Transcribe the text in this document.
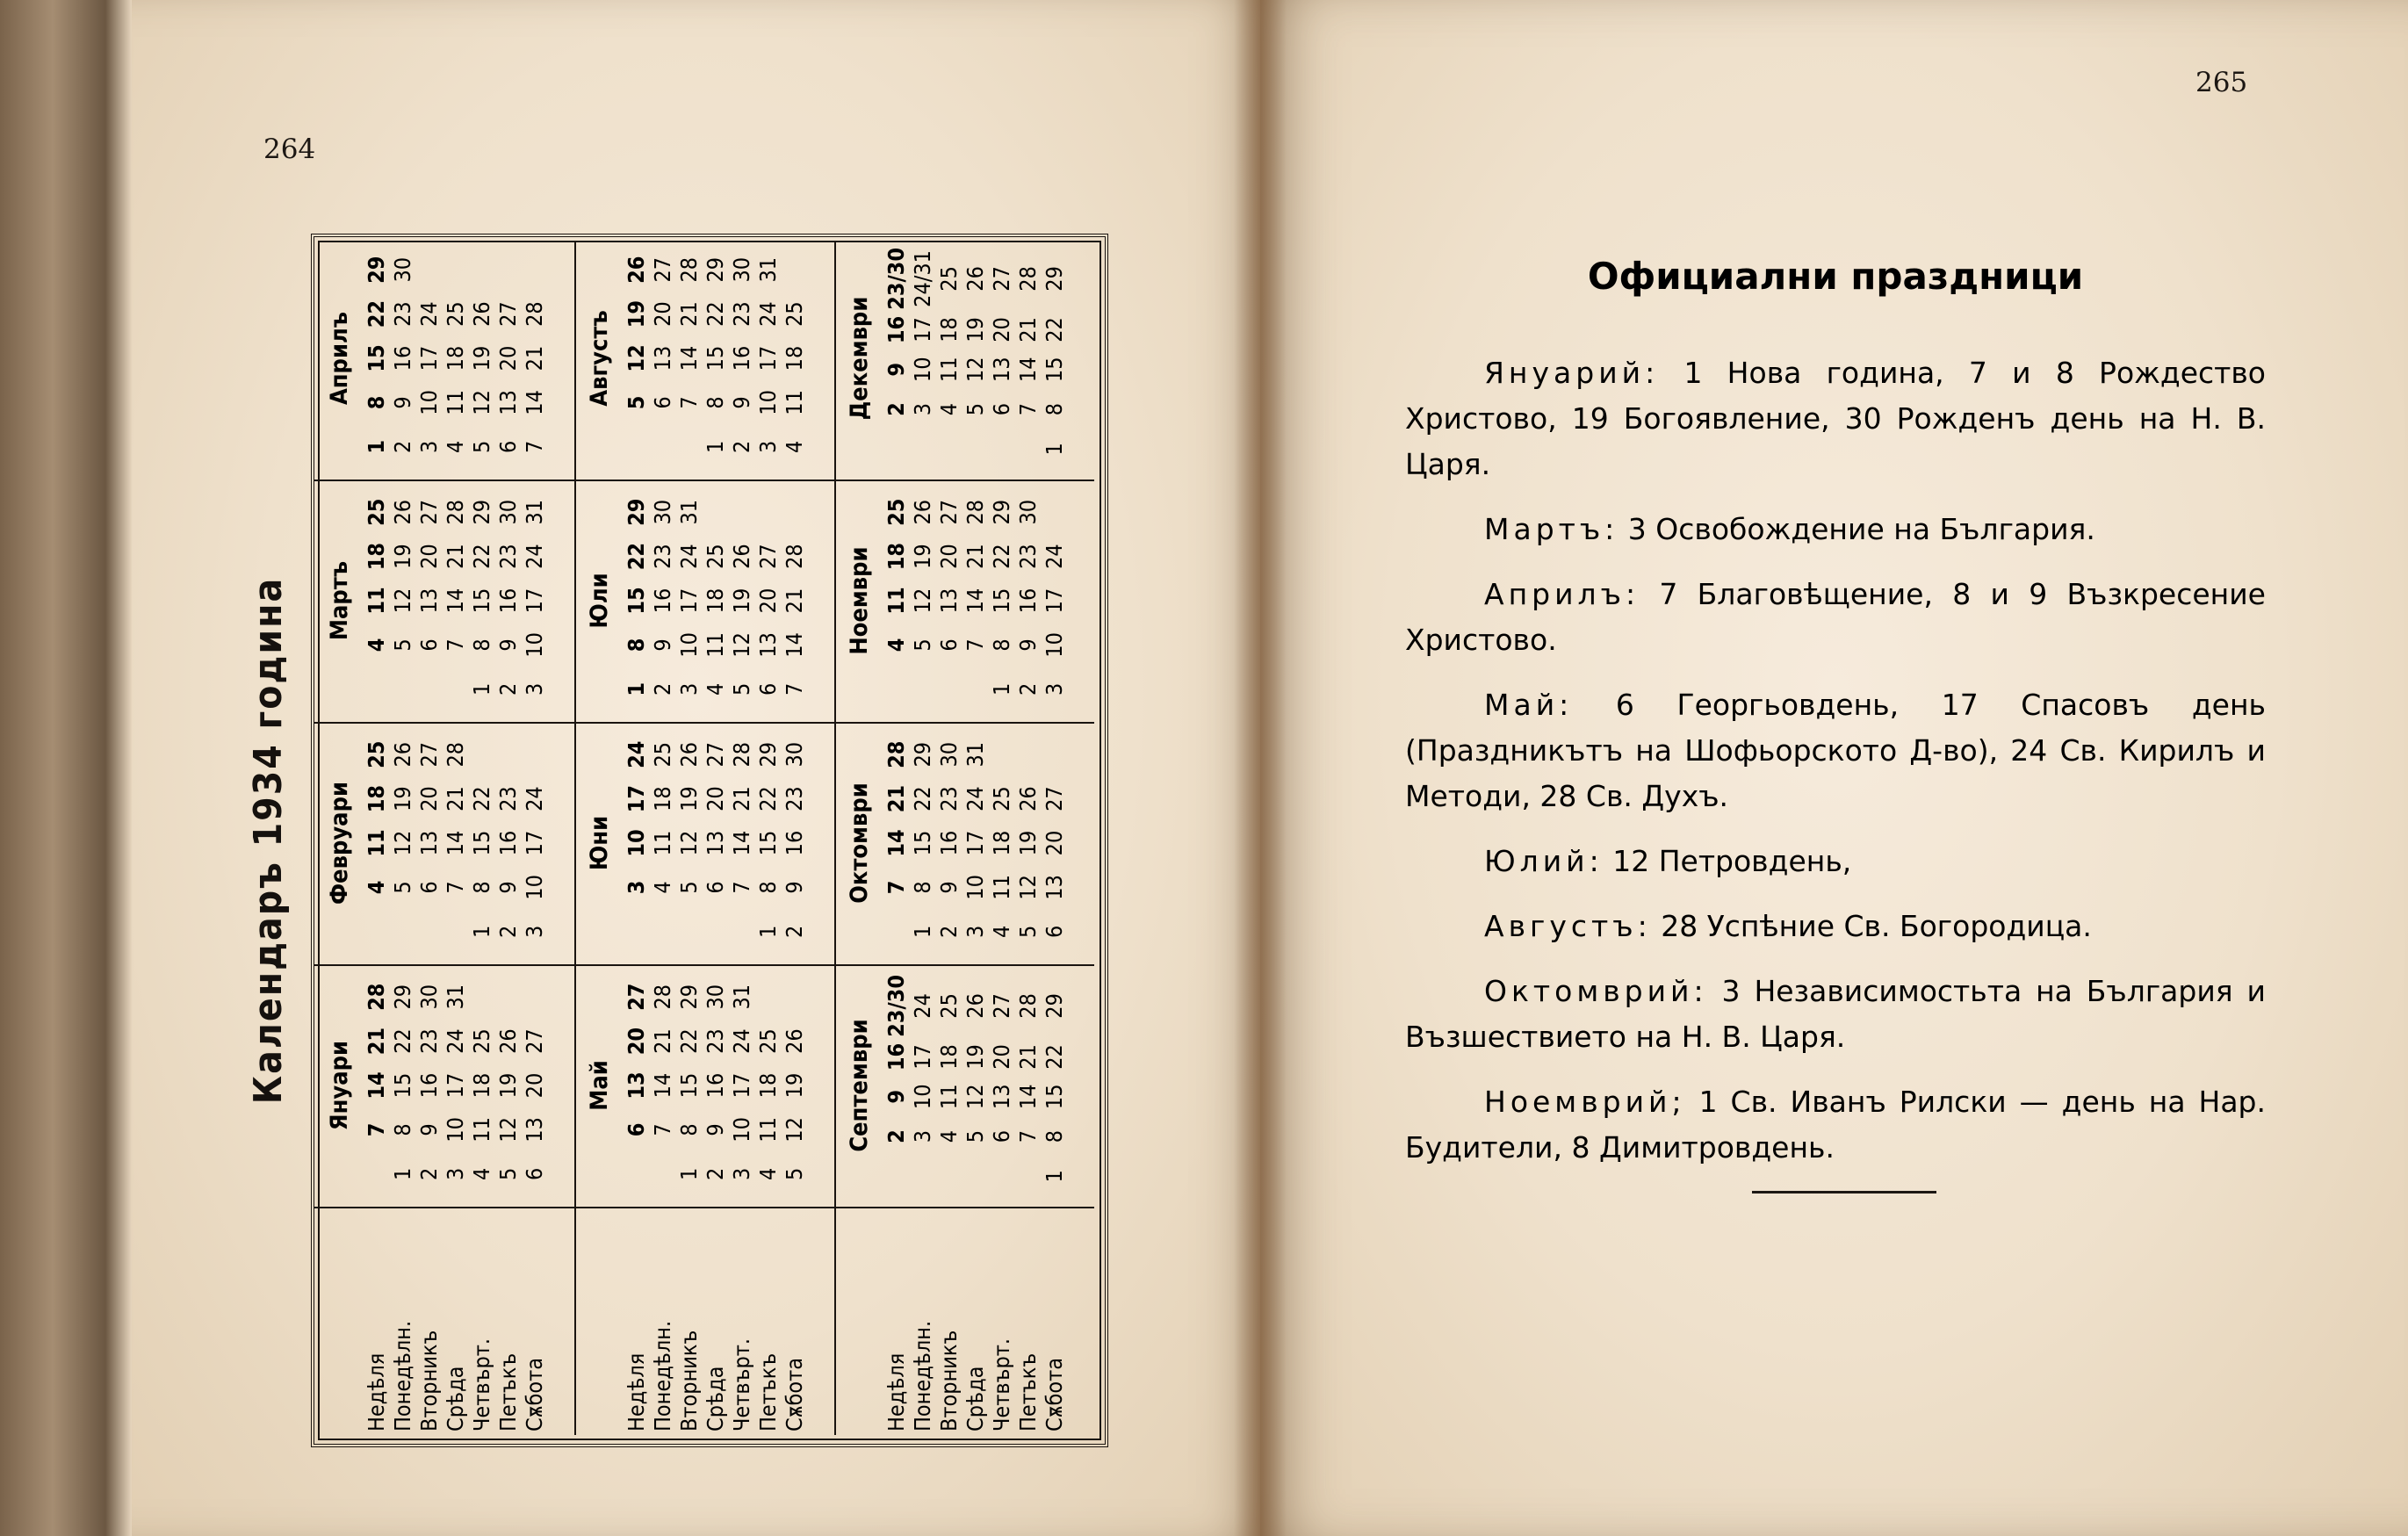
264
265
Календаръ 1934 година
Недѣля Понедѣлн. Вторникъ Срѣда Четвърт. Петъкъ Сѫбота
Януари 7
14
21
28
1
8
15
22
29
2
9
16
23
30
3
10
17
24
31
4
11
18
25
5
12
19
26
6
13
20
27
Февруари 4
11
18
25
5
12
19
26
6
13
20
27
7
14
21
28
1
8
15
22
2
9
16
23
3
10
17
24
Мартъ
4
11
18
25
5
12
19
26
6
13
20
27
7
14
21
28
1
8
15
22
29
2
9
16
23
30
3
10
17
24
31
Априлъ
1
8
15
22
29
2
9
16
23
30
3
10
17
24
4
11
18
25
5
12
19
26
6
13
20
27
7
14
21
28
Недѣля Понедѣлн. Вторникъ Срѣда Четвърт. Петъкъ Сѫбота
Май
6
13
20
27
7
14
21
28
1
8
15
22
29
2
9
16
23
30
3
10
17
24
31
4
11
18
25
5
12
19
26
Юни
3
10
17
24
4
11
18
25
5
12
19
26
6
13
20
27
7
14
21
28
1
8
15
22
29
2
9
16
23
30
Юли
1
8
15
22
29
2
9
16
23
30
3
10
17
24
31
4
11
18
25
5
12
19
26
6
13
20
27
7
14
21
28
Августъ 5
12
19
26
6
13
20
27
7
14
21
28
1
8
15
22
29
2
9
16
23
30
3
10
17
24
31
4
11
18
25
Недѣля Понедѣлн. Вторникъ Срѣда Четвърт. Петъкъ Сѫбота
Септември 2
9
16
23/30
3
10
17
24
4
11
18
25
5
12
19
26
6
13
20
27
7
14
21
28
1
8
15
22
29
Октомври 7
14
21
28
1
8
15
22
29
2
9
16
23
30
3
10
17
24
31
4
11
18
25
5
12
19
26
6
13
20
27
Ноември 4
11
18
25
5
12
19
26
6
13
20
27
7
14
21
28
1
8
15
22
29
2
9
16
23
30
3
10
17
24
Декември 2
9
16
23/30
3
10
17
24/31
4
11
18
25
5
12
19
26
6
13
20
27
7
14
21
28
1
8
15
22
29	Официални праздници
Януарий: 1 Нова година, 7 и 8 Рождество Христово, 19 Богоявление, 30 Рожденъ день на Н. В. Царя.
Мартъ: 3 Освобождение на България.
Априлъ: 7 Благовѣщение, 8 и 9 Възкресение Христово.
Май: 6 Георгьовдень, 17 Спасовъ день (Праздникътъ на Шофьорското Д-во), 24 Св. Кирилъ и Методи, 28 Св. Духъ.
Юлий: 12 Петровдень,
Августъ: 28 Успѣние Св. Богородица.
Октомврий: 3 Независимостьта на България и Възшествието на Н. В. Царя.
Ноемврий; 1 Св. Иванъ Рилски — день на Нар. Будители, 8 Димитровдень.
